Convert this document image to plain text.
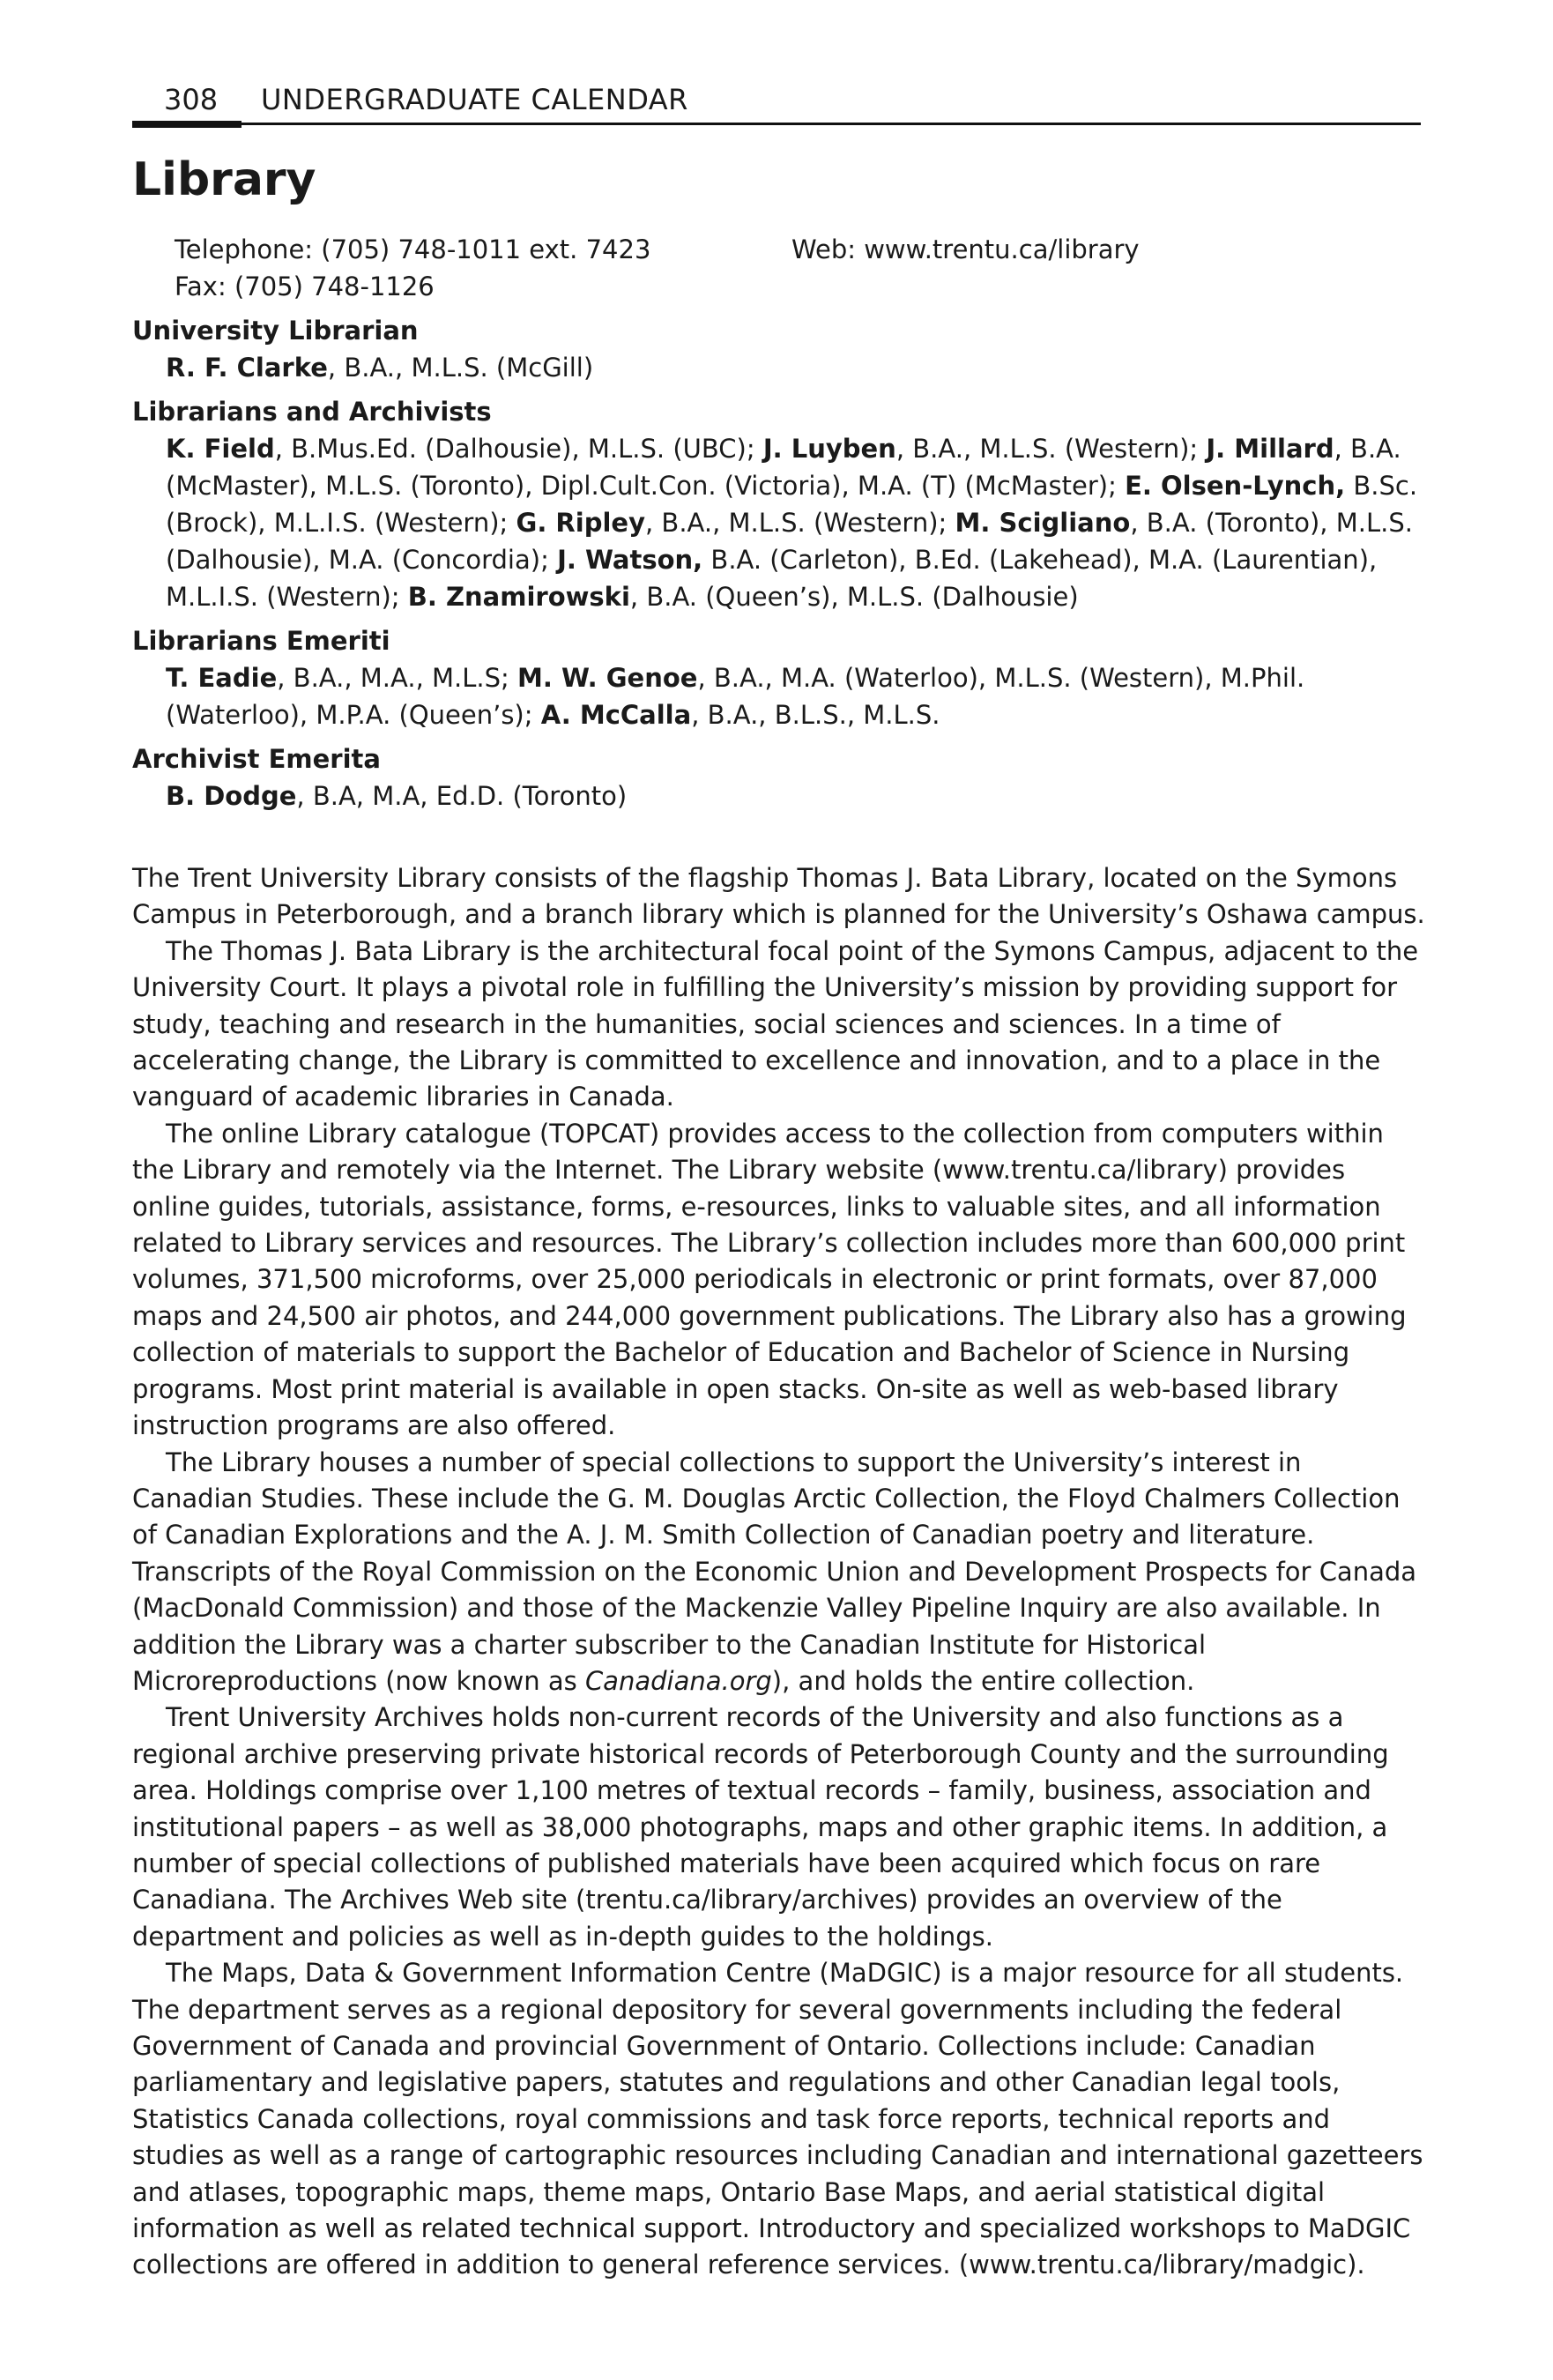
308 UNDERGRADUATE CALENDAR
Library
Telephone: (705) 748-1011 ext. 7423
Fax: (705) 748-1126
Web: www.trentu.ca/library
University Librarian
R. F. Clarke, B.A., M.L.S. (McGill)
Librarians and Archivists
K. Field, B.Mus.Ed. (Dalhousie), M.L.S. (UBC); J. Luyben, B.A., M.L.S. (Western); J. Millard, B.A. (McMaster), M.L.S. (Toronto), Dipl.Cult.Con. (Victoria), M.A. (T) (McMaster); E. Olsen-Lynch, B.Sc. (Brock), M.L.I.S. (Western); G. Ripley, B.A., M.L.S. (Western); M. Scigliano, B.A. (Toronto), M.L.S. (Dalhousie), M.A. (Concordia); J. Watson, B.A. (Carleton), B.Ed. (Lakehead), M.A. (Laurentian), M.L.I.S. (Western); B. Znamirowski, B.A. (Queen’s), M.L.S. (Dalhousie)
Librarians Emeriti
T. Eadie, B.A., M.A., M.L.S; M. W. Genoe, B.A., M.A. (Waterloo), M.L.S. (Western), M.Phil. (Waterloo), M.P.A. (Queen’s); A. McCalla, B.A., B.L.S., M.L.S.
Archivist Emerita
B. Dodge, B.A, M.A, Ed.D. (Toronto)

The Trent University Library consists of the flagship Thomas J. Bata Library, located on the Symons Campus in Peterborough, and a branch library which is planned for the University’s Oshawa campus.

The Thomas J. Bata Library is the architectural focal point of the Symons Campus, adjacent to the University Court. It plays a pivotal role in fulfilling the University’s mission by providing support for study, teaching and research in the humanities, social sciences and sciences. In a time of accelerating change, the Library is committed to excellence and innovation, and to a place in the vanguard of academic libraries in Canada.

The online Library catalogue (TOPCAT) provides access to the collection from computers within the Library and remotely via the Internet. The Library website (www.trentu.ca/library) provides online guides, tutorials, assistance, forms, e-resources, links to valuable sites, and all information related to Library services and resources. The Library’s collection includes more than 600,000 print volumes, 371,500 microforms, over 25,000 periodicals in electronic or print formats, over 87,000 maps and 24,500 air photos, and 244,000 government publications. The Library also has a growing collection of materials to support the Bachelor of Education and Bachelor of Science in Nursing programs. Most print material is available in open stacks. On-site as well as web-based library instruction programs are also offered.

The Library houses a number of special collections to support the University’s interest in Canadian Studies. These include the G. M. Douglas Arctic Collection, the Floyd Chalmers Collection of Canadian Explorations and the A. J. M. Smith Collection of Canadian poetry and literature. Transcripts of the Royal Commission on the Economic Union and Development Prospects for Canada (MacDonald Commission) and those of the Mackenzie Valley Pipeline Inquiry are also available. In addition the Library was a charter subscriber to the Canadian Institute for Historical Microreproductions (now known as Canadiana.org), and holds the entire collection.

Trent University Archives holds non-current records of the University and also functions as a regional archive preserving private historical records of Peterborough County and the surrounding area. Holdings comprise over 1,100 metres of textual records – family, business, association and institutional papers – as well as 38,000 photographs, maps and other graphic items. In addition, a number of special collections of published materials have been acquired which focus on rare Canadiana. The Archives Web site (trentu.ca/library/archives) provides an overview of the department and policies as well as in-depth guides to the holdings.

The Maps, Data & Government Information Centre (MaDGIC) is a major resource for all students. The department serves as a regional depository for several governments including the federal Government of Canada and provincial Government of Ontario. Collections include: Canadian parliamentary and legislative papers, statutes and regulations and other Canadian legal tools, Statistics Canada collections, royal commissions and task force reports, technical reports and studies as well as a range of cartographic resources including Canadian and international gazetteers and atlases, topographic maps, theme maps, Ontario Base Maps, and aerial statistical digital information as well as related technical support. Introductory and specialized workshops to MaDGIC collections are offered in addition to general reference services. (www.trentu.ca/library/madgic).
